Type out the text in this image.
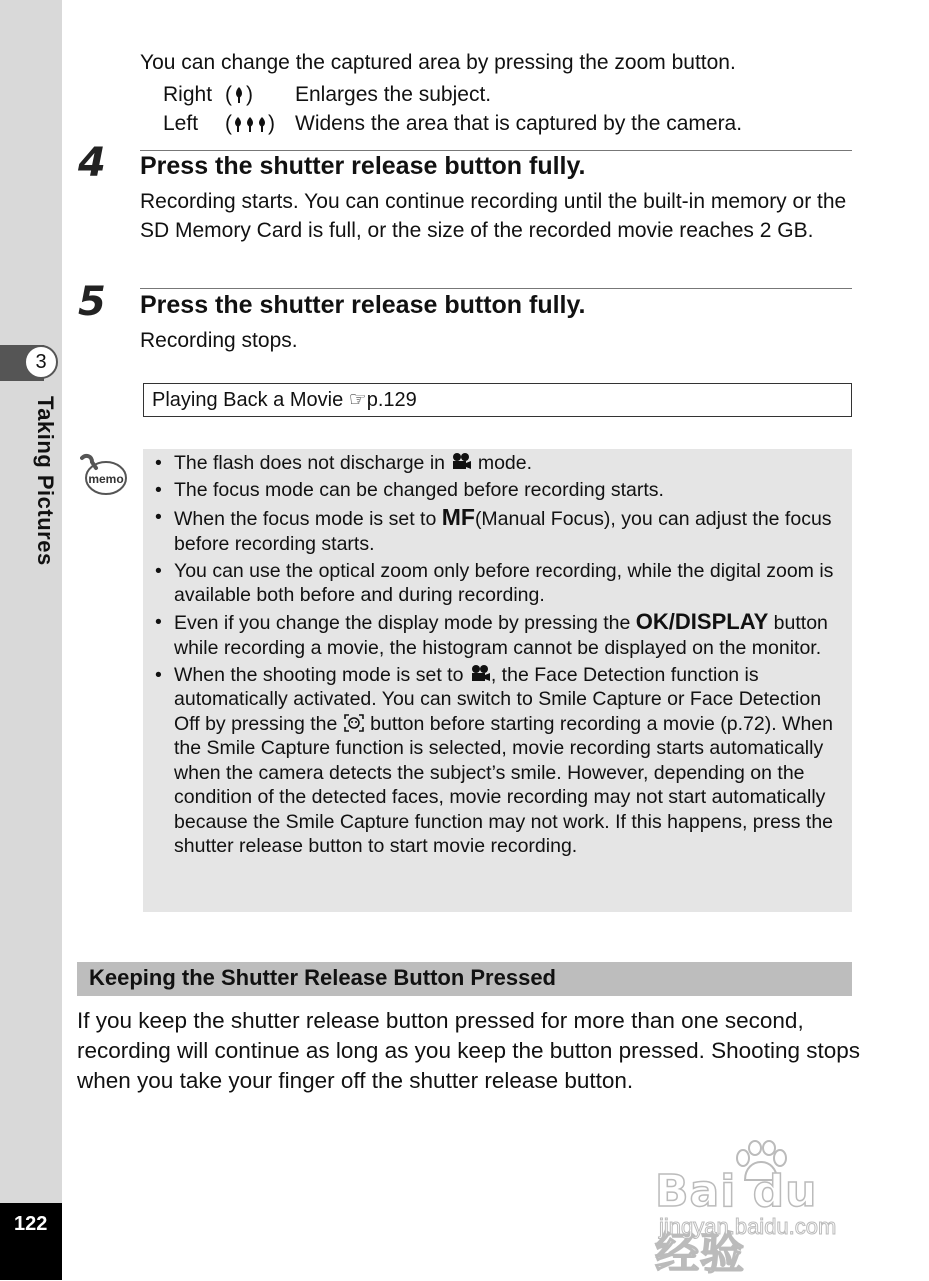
3
Taking Pictures
122

You can change the captured area by pressing the zoom button.

Right ( ) Enlarges the subject.
Left ( ) Widens the area that is captured by the camera.
4 Press the shutter release button fully.

Recording starts. You can continue recording until the built-in memory or the SD Memory Card is full, or the size of the recorded movie reaches 2 GB.

5 Press the shutter release button fully.

Recording stops.

Playing Back a Movie ☞p.129
memo
• The flash does not discharge in  mode.
• The focus mode can be changed before recording starts.
• When the focus mode is set to MF(Manual Focus), you can adjust the focus before recording starts.
• You can use the optical zoom only before recording, while the digital zoom is available both before and during recording.
• Even if you change the display mode by pressing the OK/DISPLAY button while recording a movie, the histogram cannot be displayed on the monitor.
• When the shooting mode is set to , the Face Detection function is automatically activated. You can switch to Smile Capture or Face Detection Off by pressing the  button before starting recording a movie (p.72). When the Smile Capture function is selected, movie recording starts automatically when the camera detects the subject’s smile. However, depending on the condition of the detected faces, movie recording may not start automatically because the Smile Capture function may not work. If this happens, press the shutter release button to start movie recording.
Keeping the Shutter Release Button Pressed

If you keep the shutter release button pressed for more than one second, recording will continue as long as you keep the button pressed. Shooting stops when you take your finger off the shutter release button.

Bai du 经验
jingyan.baidu.com
